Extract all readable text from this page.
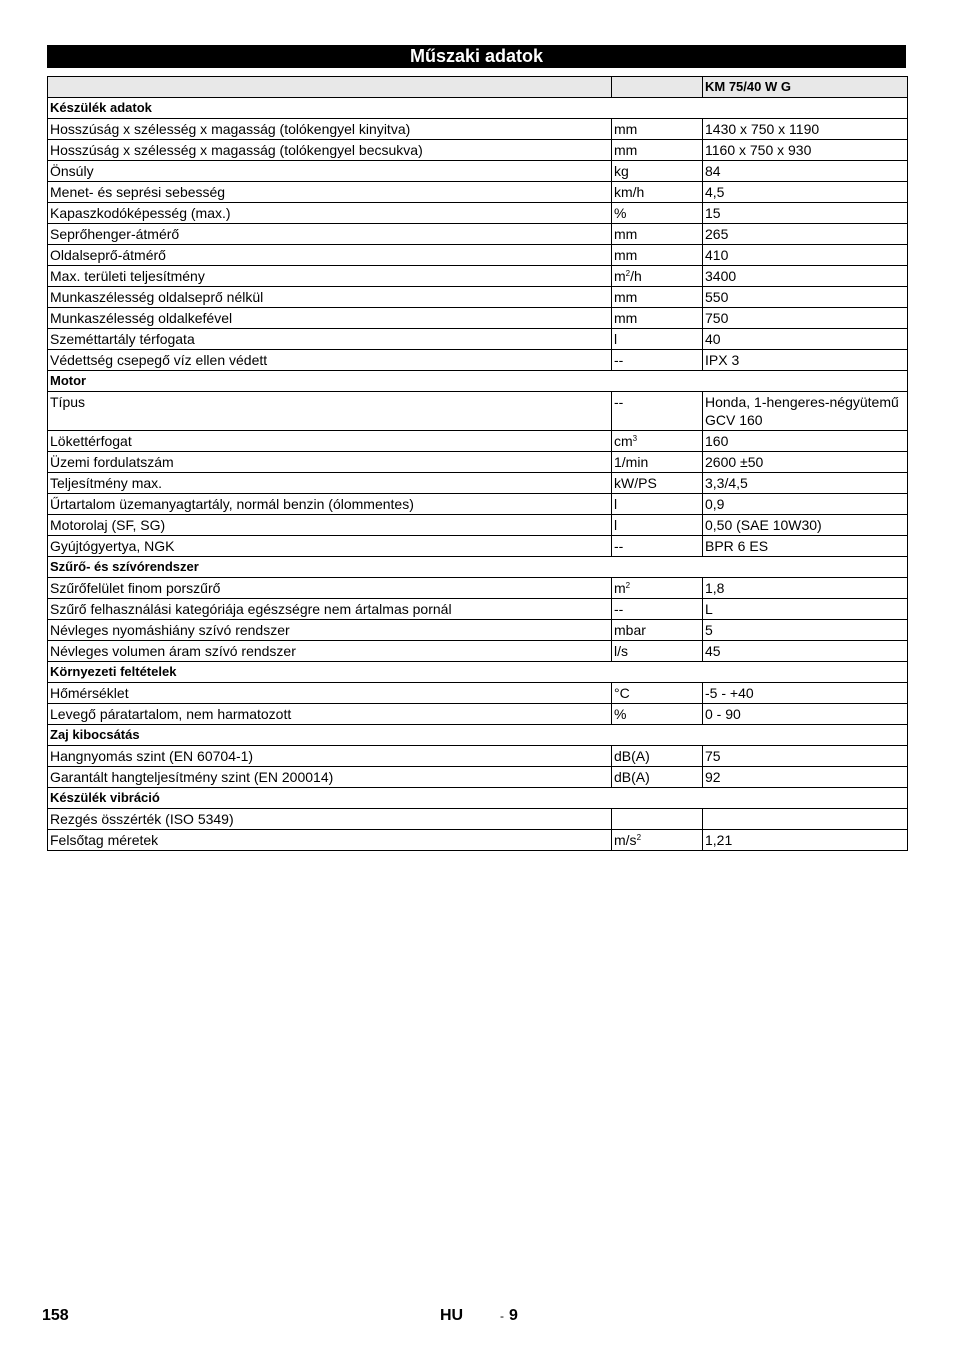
Műszaki adatok
		KM 75/40 W G
Készülék adatok		
Hosszúság x szélesség x magasság (tolókengyel kinyitva)	mm	1430 x 750 x 1190

Hosszúság x szélesség x magasság (tolókengyel becsukva)	mm	1160 x 750 x 930

Önsúly	kg	84

Menet- és seprési sebesség	km/h	4,5

Kapaszkodóképesség (max.)	%	15

Seprőhenger-átmérő	mm	265

Oldalseprő-átmérő	mm	410

Max. területi teljesítmény	$m^2/h$	3400

Munkaszélesség oldalseprő nélkül	mm	550

Munkaszélesség oldalkefével	mm	750

Szeméttartály térfogata	l	40

Védettség csepegő víz ellen védett	--	IPX 3

Motor		
Típus	--	Honda, 1-hengeres-négyütemű
GCV 160

Lökettérfogat	$cm^3$	160

Üzemi fordulatszám	1/min	2600 ±50

Teljesítmény max.	kW/PS	3,3/4,5

Űrtartalom üzemanyagtartály, normál benzin (ólommentes)	l	0,9

Motorolaj (SF, SG)	l	0,50 (SAE 10W30)

Gyújtógyertya, NGK	--	BPR 6 ES

Szűrő- és szívórendszer		
Szűrőfelület finom porszűrő	$m^2$	1,8

Szűrő felhasználási kategóriája egészségre nem ártalmas pornál	--	L

Névleges nyomáshiány szívó rendszer	mbar	5

Névleges volumen áram szívó rendszer	l/s	45

Környezeti feltételek		
Hőmérséklet	°C	-5 - +40

Levegő páratartalom, nem harmatozott	%	0 - 90

Zaj kibocsátás		
Hangnyomás szint (EN 60704-1)	dB(A)	75

Garantált hangteljesítmény szint (EN 200014)	dB(A)	92

Készülék vibráció		
Rezgés összérték (ISO 5349)		

Felsőtag méretek	$m/s^2$	1,21
158	HU	- 9
